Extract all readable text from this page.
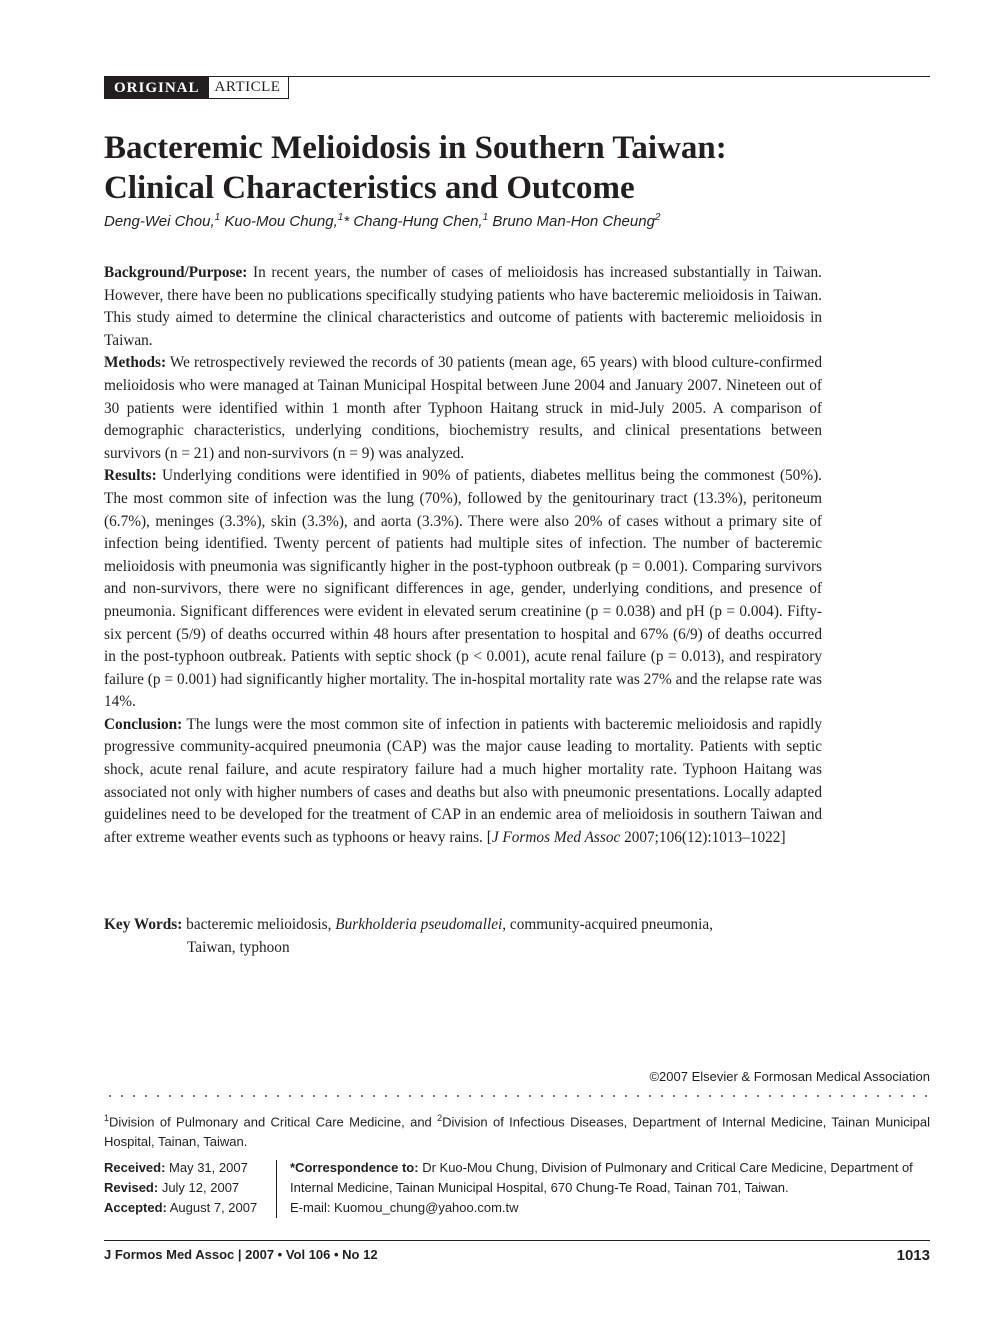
ORIGINAL	ARTICLE
Bacteremic Melioidosis in Southern Taiwan:
Clinical Characteristics and Outcome
Deng-Wei Chou,$^1$ Kuo-Mou Chung,$^1$* Chang-Hung Chen,$^1$ Bruno Man-Hon Cheung$^2$

Background/Purpose: In recent years, the number of cases of melioidosis has increased substantially in Taiwan. However, there have been no publications specifically studying patients who have bacteremic melioidosis in Taiwan. This study aimed to determine the clinical characteristics and outcome of patients with bacteremic melioidosis in Taiwan.

Methods: We retrospectively reviewed the records of 30 patients (mean age, 65 years) with blood culture-confirmed melioidosis who were managed at Tainan Municipal Hospital between June 2004 and January 2007. Nineteen out of 30 patients were identified within 1 month after Typhoon Haitang struck in mid-July 2005. A comparison of demographic characteristics, underlying conditions, biochemistry results, and clinical presentations between survivors (n = 21) and non-survivors (n = 9) was analyzed.

Results: Underlying conditions were identified in 90% of patients, diabetes mellitus being the commonest (50%). The most common site of infection was the lung (70%), followed by the genitourinary tract (13.3%), peritoneum (6.7%), meninges (3.3%), skin (3.3%), and aorta (3.3%). There were also 20% of cases without a primary site of infection being identified. Twenty percent of patients had multiple sites of infection. The number of bacteremic melioidosis with pneumonia was significantly higher in the post-typhoon outbreak (p = 0.001). Comparing survivors and non-survivors, there were no significant differences in age, gender, underlying conditions, and presence of pneumonia. Significant differences were evident in elevated serum creatinine (p = 0.038) and pH (p = 0.004). Fifty-six percent (5/9) of deaths occurred within 48 hours after presentation to hospital and 67% (6/9) of deaths occurred in the post-typhoon outbreak. Patients with septic shock (p < 0.001), acute renal failure (p = 0.013), and respiratory failure (p = 0.001) had significantly higher mortality. The in-hospital mortality rate was 27% and the relapse rate was 14%.

Conclusion: The lungs were the most common site of infection in patients with bacteremic melioidosis and rapidly progressive community-acquired pneumonia (CAP) was the major cause leading to mortality. Patients with septic shock, acute renal failure, and acute respiratory failure had a much higher mortality rate. Typhoon Haitang was associated not only with higher numbers of cases and deaths but also with pneumonic presentations. Locally adapted guidelines need to be developed for the treatment of CAP in an endemic area of melioidosis in southern Taiwan and after extreme weather events such as typhoons or heavy rains. [J Formos Med Assoc 2007;106(12):1013–1022]

Key Words: bacteremic melioidosis, Burkholderia pseudomallei, community-acquired pneumonia,
Taiwan, typhoon
©2007 Elsevier & Formosan Medical Association
$^1$Division of Pulmonary and Critical Care Medicine, and $^2$Division of Infectious Diseases, Department of Internal Medicine, Tainan Municipal Hospital, Tainan, Taiwan.
Received: May 31, 2007
Revised: July 12, 2007
Accepted: August 7, 2007
*Correspondence to: Dr Kuo-Mou Chung, Division of Pulmonary and Critical Care Medicine, Department of Internal Medicine, Tainan Municipal Hospital, 670 Chung-Te Road, Tainan 701, Taiwan.
E-mail: Kuomou_chung@yahoo.com.tw
J Formos Med Assoc | 2007 • Vol 106 • No 12	1013
